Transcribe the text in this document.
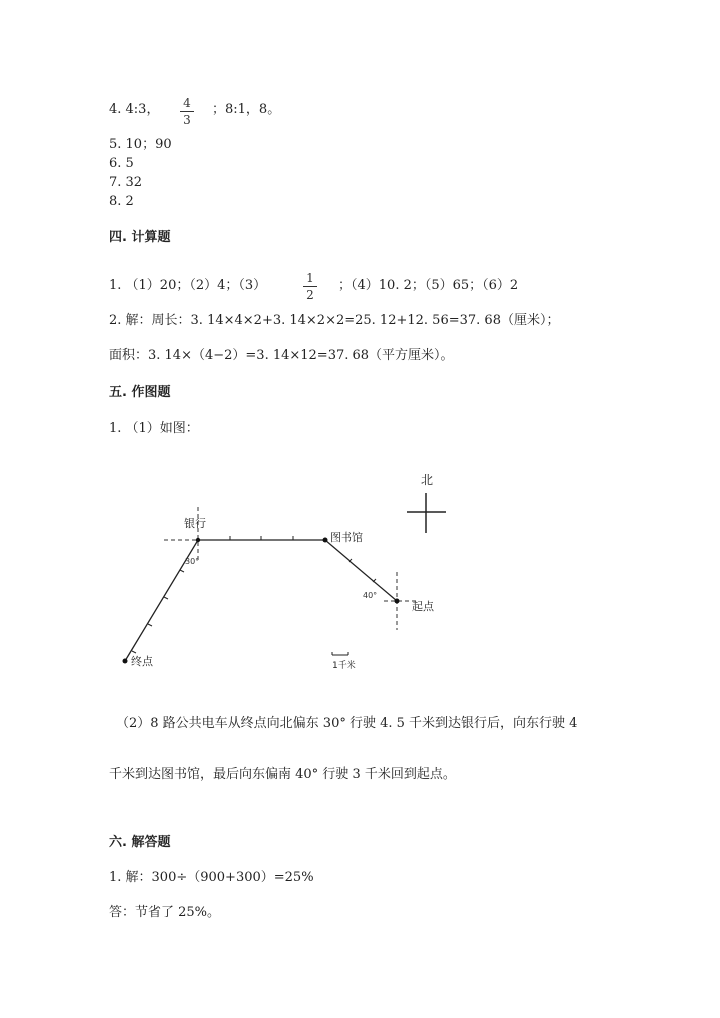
4. 4:3， 4
3
；8:1，8。
5. 10；90
6. 5
7. 32
8. 2
四. 计算题
1. （1）20；（2）4；（3）	1
2
；（4）10. 2；（5）65；（6）2
2. 解：周长：3. 14×4×2+3. 14×2×2=25. 12+12. 56=37. 68（厘米）；
面积：3. 14×（4−2）=3. 14×12=37. 68（平方厘米）。
五. 作图题
1. （1）如图：
北
银行
图书馆
起点
终点
30°
40°
1千米
（2）8 路公共电车从终点向北偏东 30° 行驶 4. 5 千米到达银行后，向东行驶 4
千米到达图书馆，最后向东偏南 40° 行驶 3 千米回到起点。
六. 解答题
1. 解：300÷（900+300）=25%
答：节省了 25%。
